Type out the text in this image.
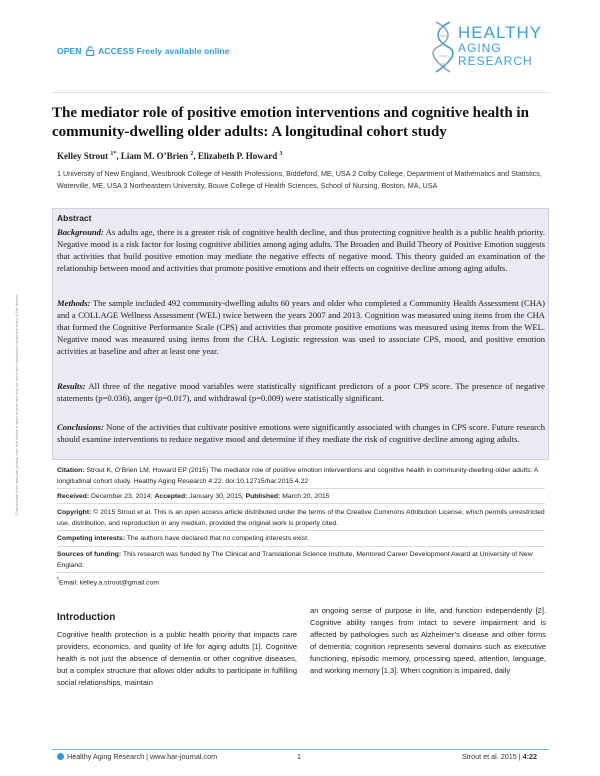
OPEN ACCESS Freely available online
HEALTHY
AGING
RESEARCH
The mediator role of positive emotion interventions and cognitive health in community-dwelling older adults: A longitudinal cohort study
Kelley Strout $^{1*}$, Liam M. O’Brien $^2$, Elizabeth P. Howard $^3$
1 University of New England, Westbrook College of Health Professions, Biddeford, ME, USA 2 Colby College, Department of Mathematics and Statistics, Waterville, ME, USA 3 Northeastern University, Bouve College of Health Sciences, School of Nursing, Boston, MA, USA
Downloaded from www.har-journal.com; this article is open access and may be used and reproduced under the terms of the license.
Abstract
Background: As adults age, there is a greater risk of cognitive health decline, and thus protecting cognitive health is a public health priority. Negative mood is a risk factor for losing cognitive abilities among aging adults. The Broaden and Build Theory of Positive Emotion suggests that activities that build positive emotion may mediate the negative effects of negative mood. This theory guided an examination of the relationship between mood and activities that promote positive emotions and their effects on cognitive decline among aging adults.
Methods: The sample included 492 community-dwelling adults 60 years and older who completed a Community Health Assessment (CHA) and a COLLAGE Wellness Assessment (WEL) twice between the years 2007 and 2013. Cognition was measured using items from the CHA that formed the Cognitive Performance Scale (CPS) and activities that promote positive emotions was measured using items from the WEL. Negative mood was measured using items from the CHA. Logistic regression was used to associate CPS, mood, and positive emotion activities at baseline and after at least one year.
Results: All three of the negative mood variables were statistically significant predictors of a poor CPS score. The presence of negative statements (p=0.036), anger (p=0.017), and withdrawal (p=0.009) were statistically significant.
Conclusions: None of the activities that cultivate positive emotions were significantly associated with changes in CPS score. Future research should examine interventions to reduce negative mood and determine if they mediate the risk of cognitive decline among aging adults.
Citation: Strout K, O’Brien LM, Howard EP (2015) The mediator role of positive emotion interventions and cognitive health in community-dwelling older adults: A longitudinal cohort study. Healthy Aging Research 4:22. doi:10.12715/har.2015.4.22
Received: December 23, 2014; Accepted: January 30, 2015; Published: March 20, 2015
Copyright: © 2015 Strout et al. This is an open access article distributed under the terms of the Creative Commons Attribution License, which permits unrestricted use, distribution, and reproduction in any medium, provided the original work is properly cited.
Competing interests: The authors have declared that no competing interests exist.
Sources of funding: This research was funded by The Clinical and Translational Science Institute, Mentored Career Development Award at University of New England.
*Email: kelley.a.strout@gmail.com
Introduction
Cognitive health protection is a public health priority that impacts care providers, economics, and quality of life for aging adults [1]. Cognitive health is not just the absence of dementia or other cognitive diseases, but a complex structure that allows older adults to participate in fulfilling social relationships, maintain
an ongoing sense of purpose in life, and function independently [2]. Cognitive ability ranges from intact to severe impairment and is affected by pathologies such as Alzheimer’s disease and other forms of dementia; cognition represents several domains such as executive functioning, episodic memory, processing speed, attention, language, and working memory [1,3]. When cognition is impaired, daily
Healthy Aging Research | www.har-journal.com	1	Strout et al. 2015 | 4:22
